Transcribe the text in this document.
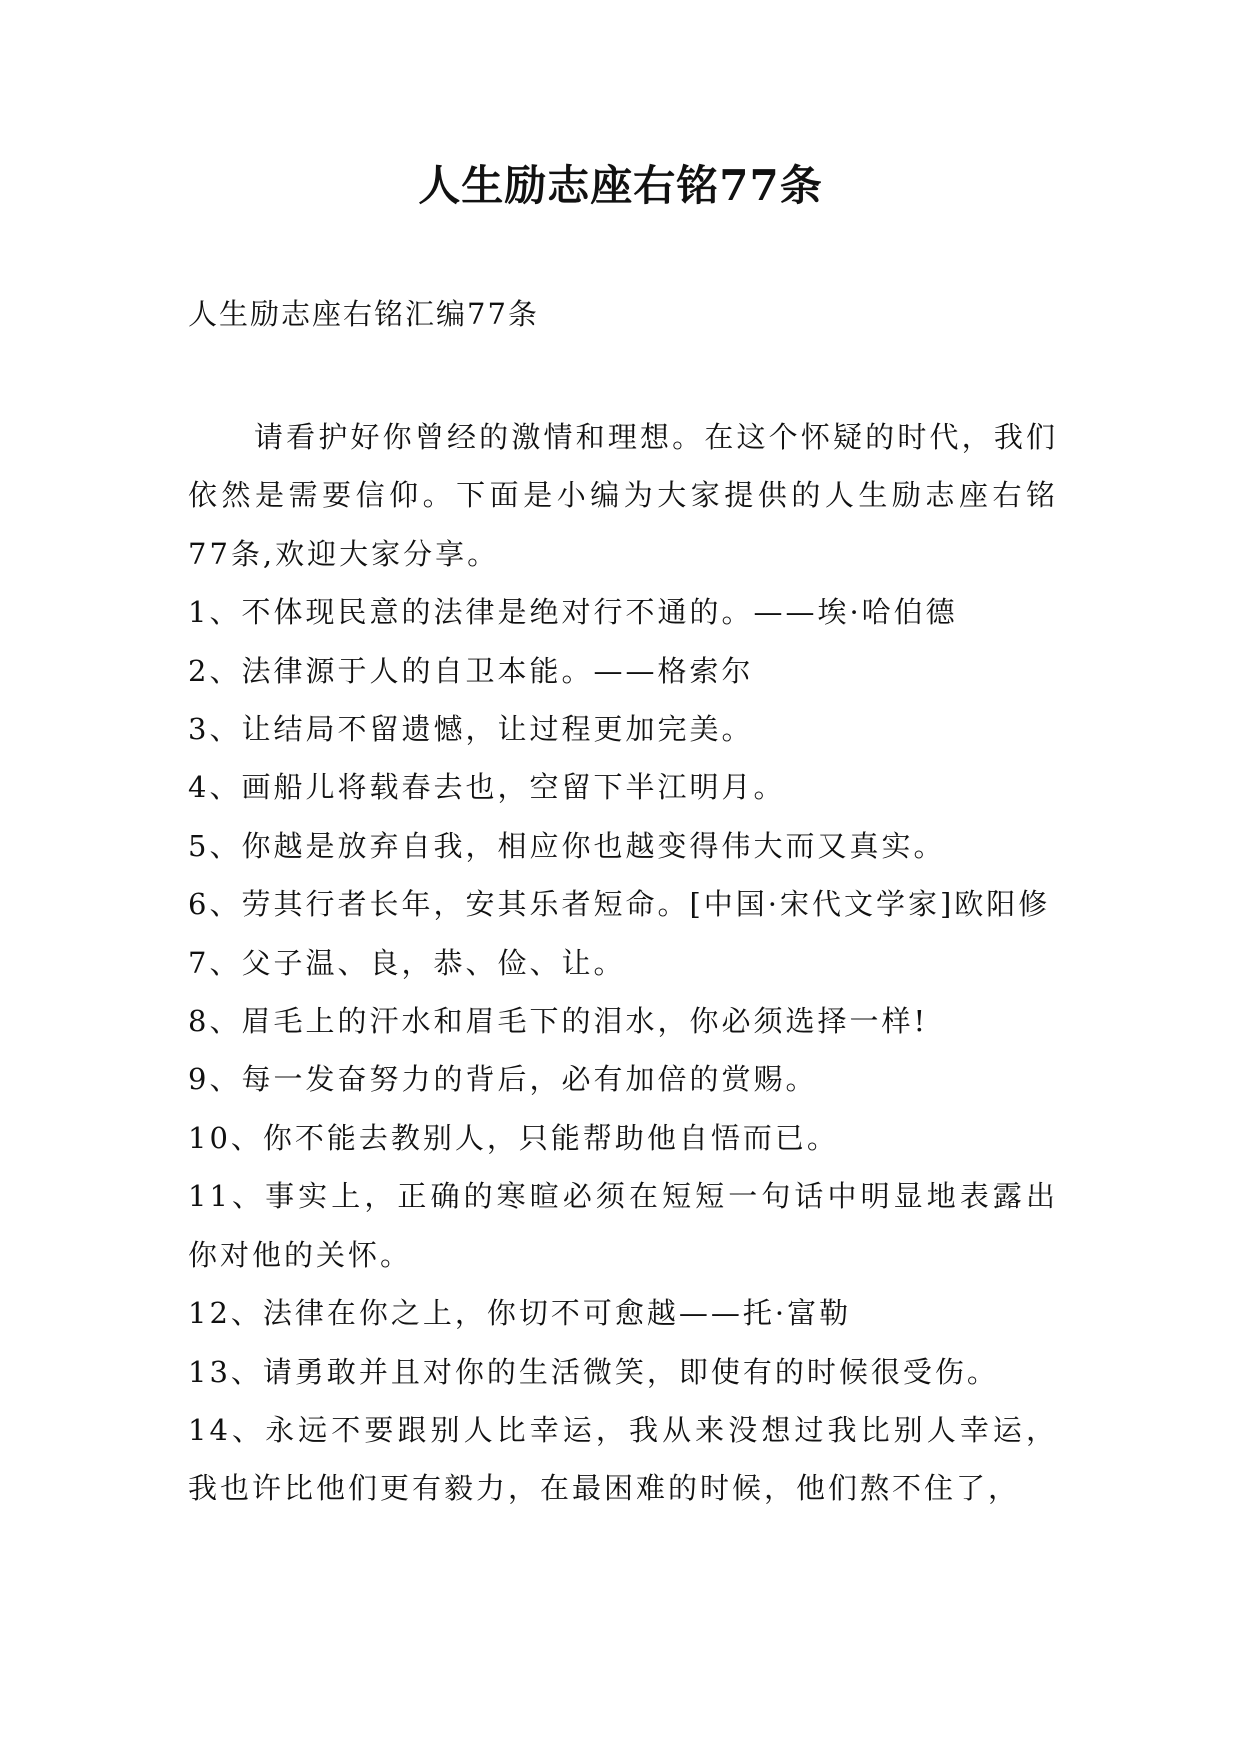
人生励志座右铭77条

人生励志座右铭汇编77条

请看护好你曾经的激情和理想。在这个怀疑的时代，我们依然是需要信仰。下面是小编为大家提供的人生励志座右铭77条,欢迎大家分享。

1、不体现民意的法律是绝对行不通的。——埃·哈伯德
2、法律源于人的自卫本能。——格索尔
3、让结局不留遗憾，让过程更加完美。
4、画船儿将载春去也，空留下半江明月。
5、你越是放弃自我，相应你也越变得伟大而又真实。
6、劳其行者长年，安其乐者短命。[中国·宋代文学家]欧阳修
7、父子温、良，恭、俭、让。
8、眉毛上的汗水和眉毛下的泪水，你必须选择一样!
9、每一发奋努力的背后，必有加倍的赏赐。
10、你不能去教别人，只能帮助他自悟而已。
11、事实上，正确的寒暄必须在短短一句话中明显地表露出你对他的关怀。
12、法律在你之上，你切不可愈越——托·富勒
13、请勇敢并且对你的生活微笑，即使有的时候很受伤。
14、永远不要跟别人比幸运，我从来没想过我比别人幸运，我也许比他们更有毅力，在最困难的时候，他们熬不住了，
